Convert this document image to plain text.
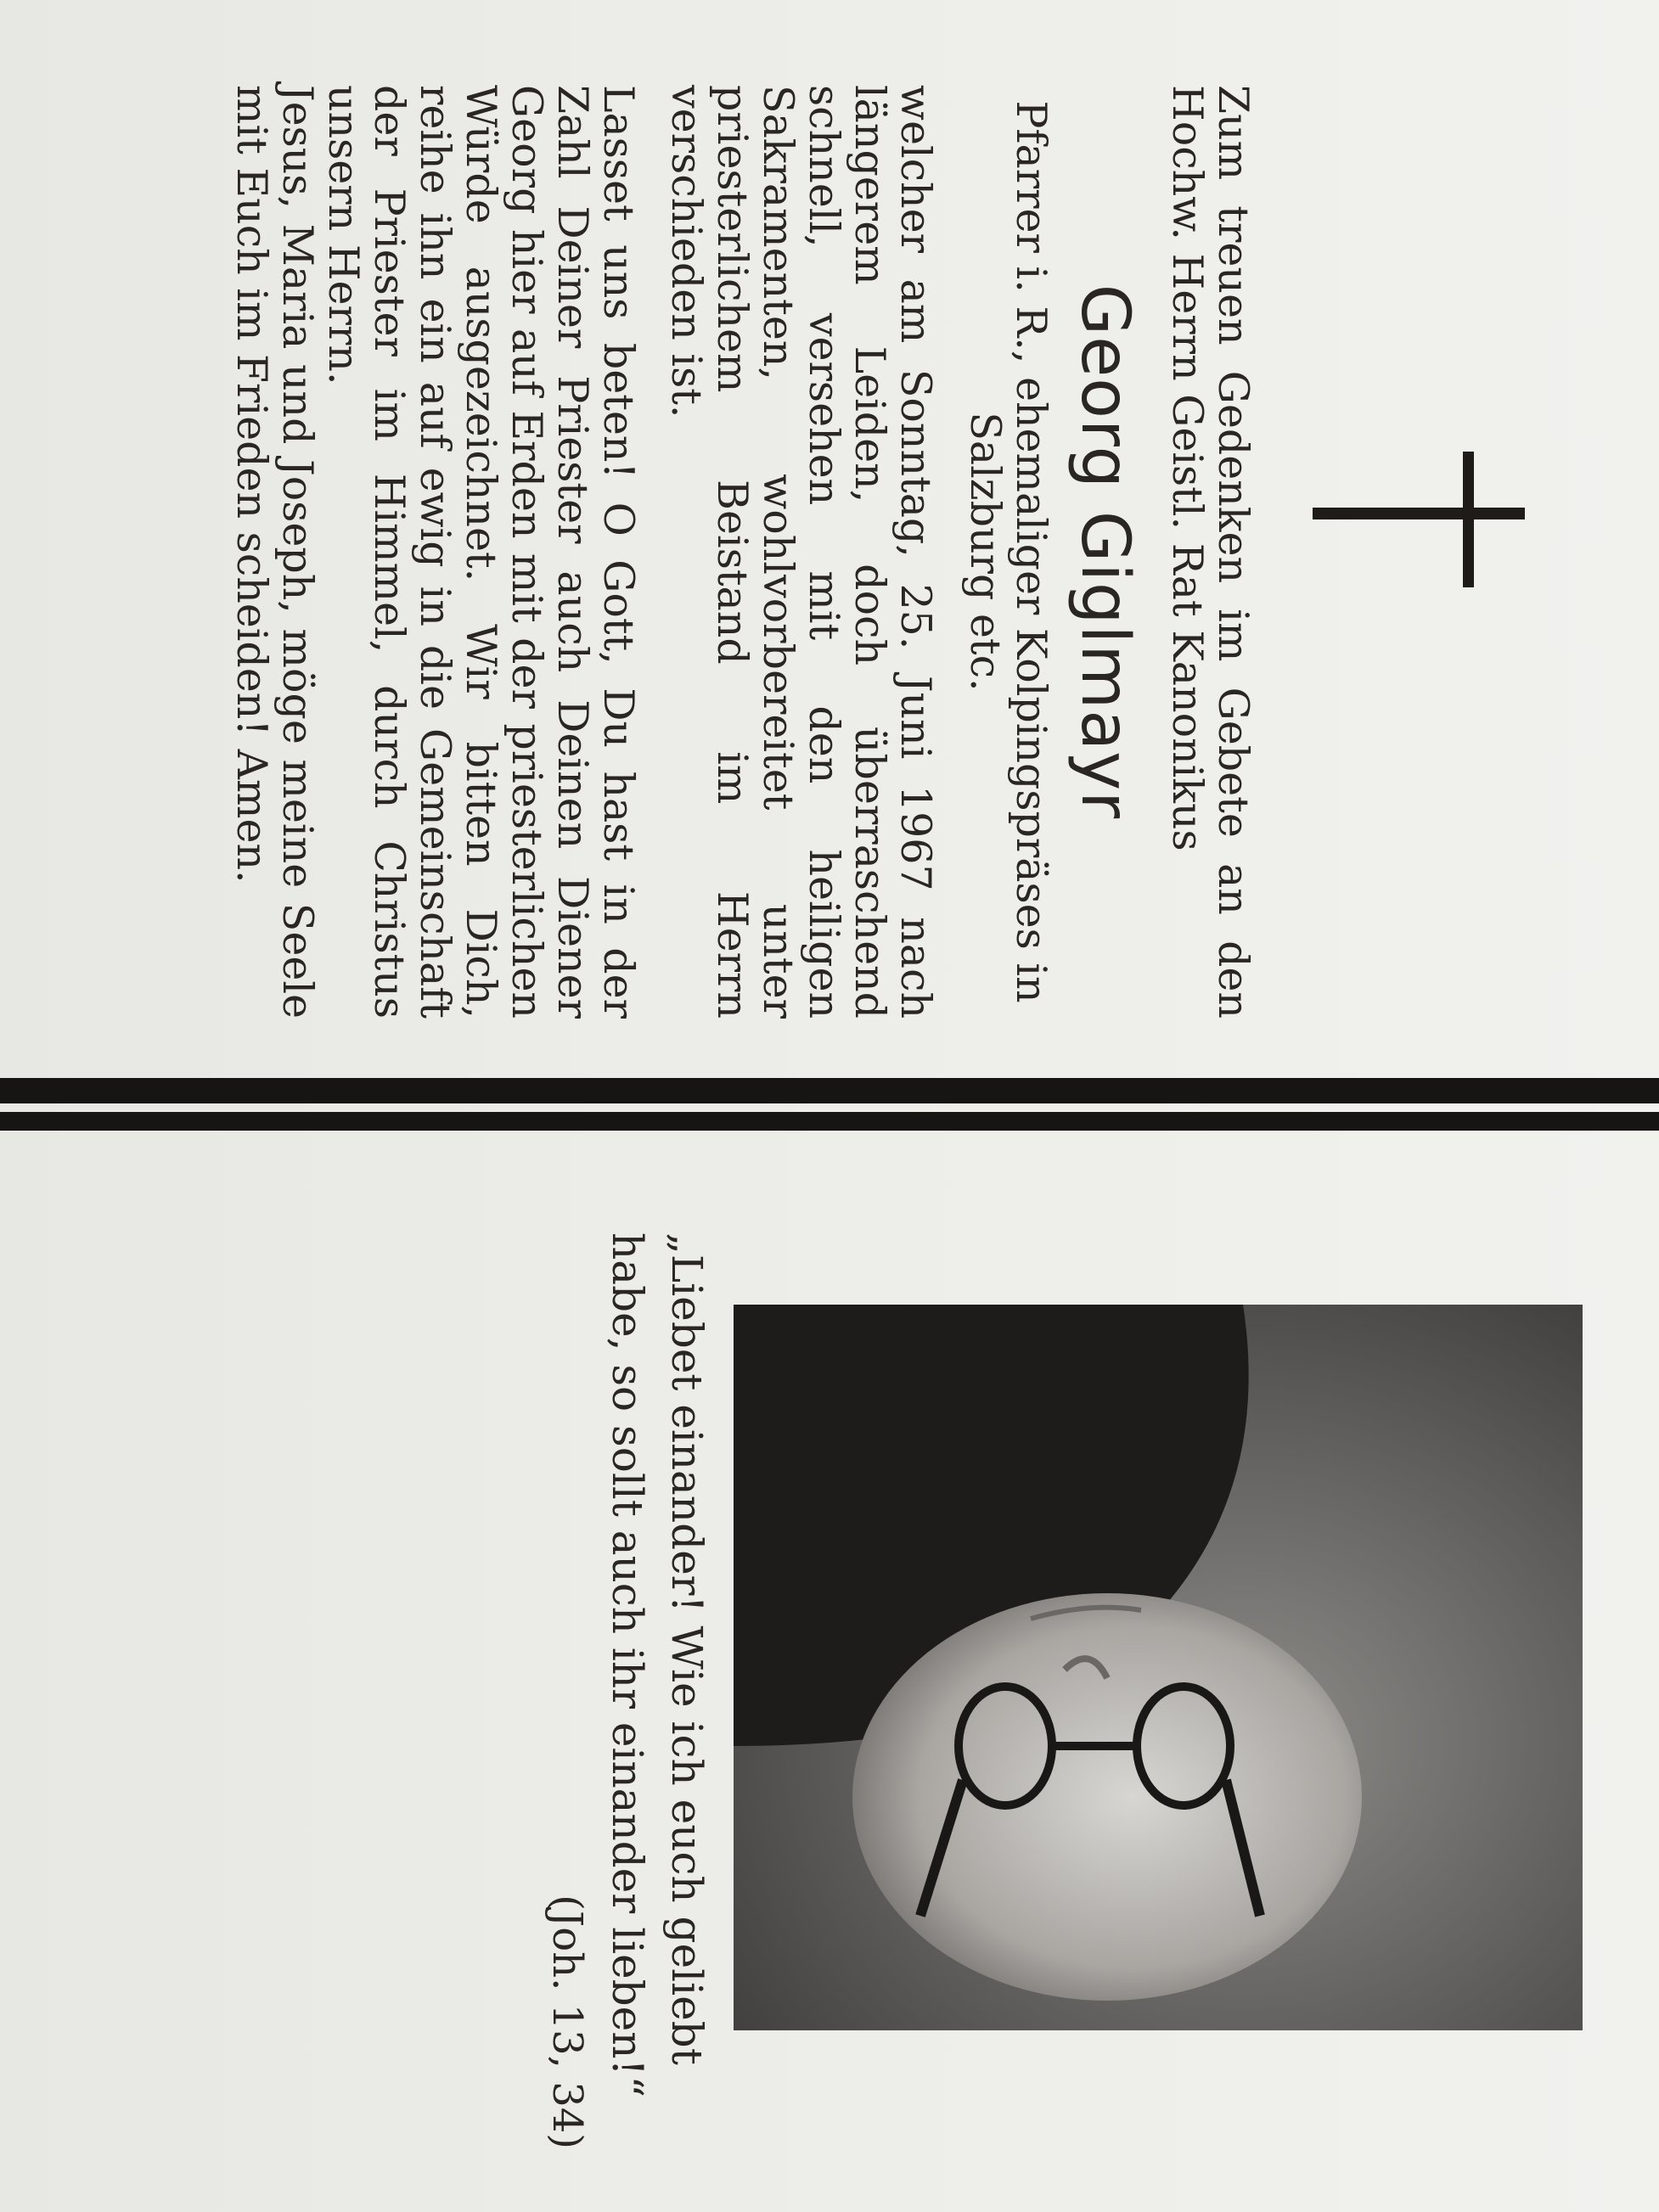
Zum treuen Gedenken im Gebete an den Hochw. Herrn Geistl. Rat Kanonikus

Georg Giglmayr

Pfarrer i. R., ehemaliger Kolpingspräses in Salzburg etc.

welcher am Sonntag, 25. Juni 1967 nach längerem Leiden, doch überraschend schnell, versehen mit den heiligen Sakramenten, wohlvorbereitet unter priesterlichem Beistand im Herrn verschieden ist.

Lasset uns beten! O Gott, Du hast in der Zahl Deiner Priester auch Deinen Diener Georg hier auf Erden mit der priesterlichen Würde ausgezeichnet. Wir bitten Dich, reihe ihn ein auf ewig in die Gemeinschaft der Priester im Himmel, durch Christus unsern Herrn.

Jesus, Maria und Joseph, möge meine Seele mit Euch im Frieden scheiden! Amen.

„Liebet einander! Wie ich euch geliebt habe, so sollt auch ihr einander lieben!“

(Joh. 13, 34)
